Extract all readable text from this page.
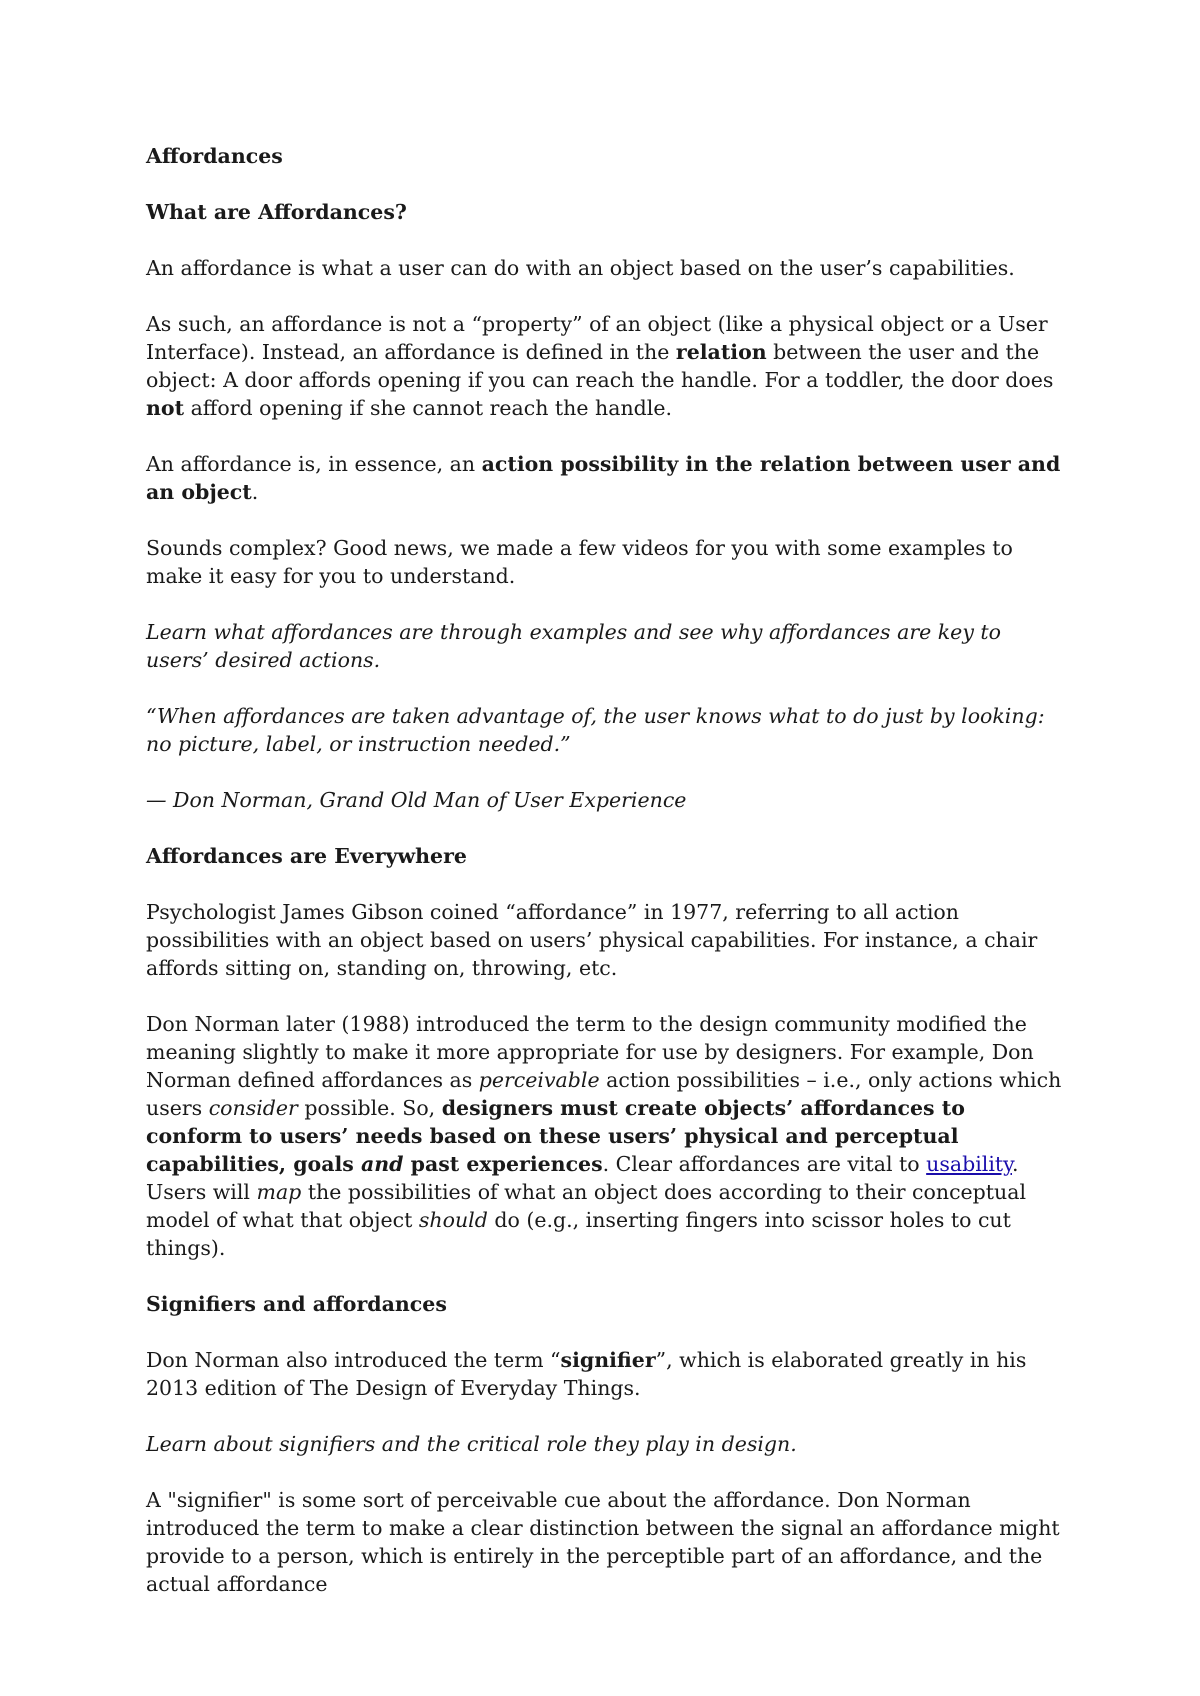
Affordances

What are Affordances?

An affordance is what a user can do with an object based on the user’s capabilities.

As such, an affordance is not a “property” of an object (like a physical object or a User Interface). Instead, an affordance is defined in the relation between the user and the object: A door affords opening if you can reach the handle. For a toddler, the door does not afford opening if she cannot reach the handle.

An affordance is, in essence, an action possibility in the relation between user and an object.

Sounds complex? Good news, we made a few videos for you with some examples to make it easy for you to understand.

Learn what affordances are through examples and see why affordances are key to users’ desired actions.

“When affordances are taken advantage of, the user knows what to do just by looking: no picture, label, or instruction needed.”

— Don Norman, Grand Old Man of User Experience

Affordances are Everywhere

Psychologist James Gibson coined “affordance” in 1977, referring to all action possibilities with an object based on users’ physical capabilities. For instance, a chair affords sitting on, standing on, throwing, etc.

Don Norman later (1988) introduced the term to the design community modified the meaning slightly to make it more appropriate for use by designers. For example, Don Norman defined affordances as perceivable action possibilities – i.e., only actions which users consider possible. So, designers must create objects’ affordances to conform to users’ needs based on these users’ physical and perceptual capabilities, goals and past experiences. Clear affordances are vital to usability. Users will map the possibilities of what an object does according to their conceptual model of what that object should do (e.g., inserting fingers into scissor holes to cut things).

Signifiers and affordances

Don Norman also introduced the term “signifier”, which is elaborated greatly in his 2013 edition of The Design of Everyday Things.

Learn about signifiers and the critical role they play in design.

A "signifier" is some sort of perceivable cue about the affordance. Don Norman introduced the term to make a clear distinction between the signal an affordance might provide to a person, which is entirely in the perceptible part of an affordance, and the actual affordance
